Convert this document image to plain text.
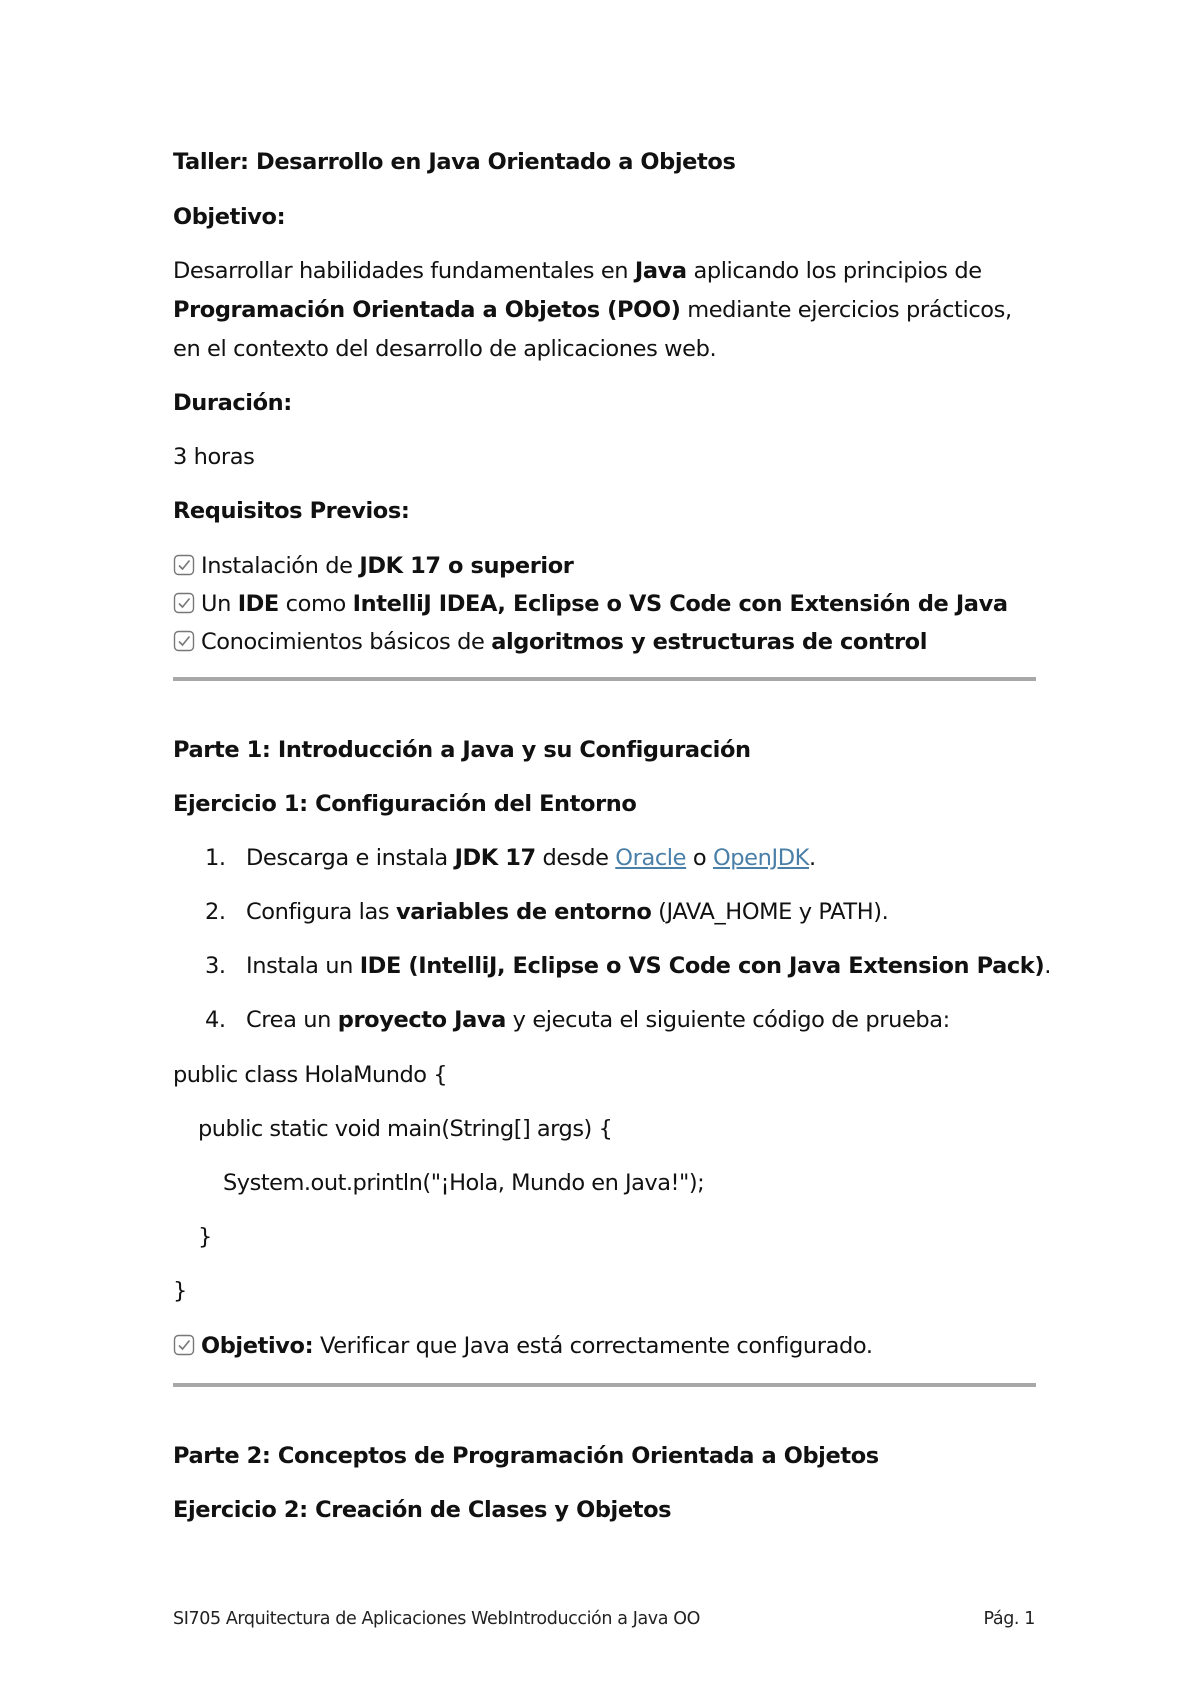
Taller: Desarrollo en Java Orientado a Objetos
Objetivo:
Desarrollar habilidades fundamentales en Java aplicando los principios de
Programación Orientada a Objetos (POO) mediante ejercicios prácticos,
en el contexto del desarrollo de aplicaciones web.
Duración:
3 horas
Requisitos Previos:
Instalación de JDK 17 o superior
Un IDE como IntelliJ IDEA, Eclipse o VS Code con Extensión de Java
Conocimientos básicos de algoritmos y estructuras de control
Parte 1: Introducción a Java y su Configuración
Ejercicio 1: Configuración del Entorno
1. Descarga e instala JDK 17 desde Oracle o OpenJDK.
2. Configura las variables de entorno (JAVA_HOME y PATH).
3. Instala un IDE (IntelliJ, Eclipse o VS Code con Java Extension Pack).
4. Crea un proyecto Java y ejecuta el siguiente código de prueba:
public class HolaMundo {
public static void main(String[] args) {
System.out.println("¡Hola, Mundo en Java!");
}
}
Objetivo: Verificar que Java está correctamente configurado.
Parte 2: Conceptos de Programación Orientada a Objetos
Ejercicio 2: Creación de Clases y Objetos
SI705 Arquitectura de Aplicaciones WebIntroducción a Java OO	Pág. 1
